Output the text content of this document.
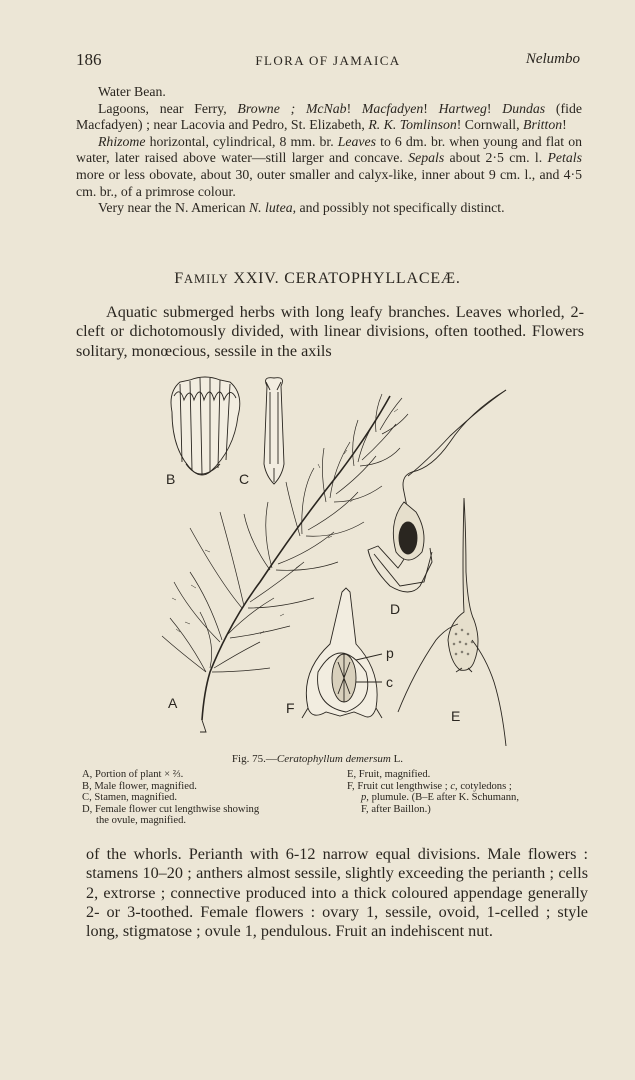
186	FLORA OF JAMAICA	Nelumbo

Water Bean.

Lagoons, near Ferry, Browne ; McNab! Macfadyen! Hartweg! Dundas (fide Macfadyen) ; near Lacovia and Pedro, St. Elizabeth, R. K. Tomlinson! Cornwall, Britton!

Rhizome horizontal, cylindrical, 8 mm. br. Leaves to 6 dm. br. when young and flat on water, later raised above water—still larger and concave. Sepals about 2·5 cm. l. Petals more or less obovate, about 30, outer smaller and calyx-like, inner about 9 cm. l., and 4·5 cm. br., of a primrose colour.

Very near the N. American N. lutea, and possibly not specifically distinct.

FAMILY XXIV. CERATOPHYLLACEÆ.

Aquatic submerged herbs with long leafy branches. Leaves whorled, 2-cleft or dichotomously divided, with linear divisions, often toothed. Flowers solitary, monœcious, sessile in the axils

B	C
A
D
E
F
p
c
Fig. 75.—Ceratophyllum demersum L.
A, Portion of plant × ⅔.
B, Male flower, magnified.
C, Stamen, magnified.
D, Female flower cut lengthwise showing
the ovule, magnified.
E, Fruit, magnified.
F, Fruit cut lengthwise ; c, cotyledons ;
p, plumule. (B–E after K. Schumann,
F, after Baillon.)

of the whorls. Perianth with 6-12 narrow equal divisions. Male flowers : stamens 10–20 ; anthers almost sessile, slightly exceeding the perianth ; cells 2, extrorse ; connective produced into a thick coloured appendage generally 2- or 3-toothed. Female flowers : ovary 1, sessile, ovoid, 1-celled ; style long, stigmatose ; ovule 1, pendulous. Fruit an indehiscent nut.
